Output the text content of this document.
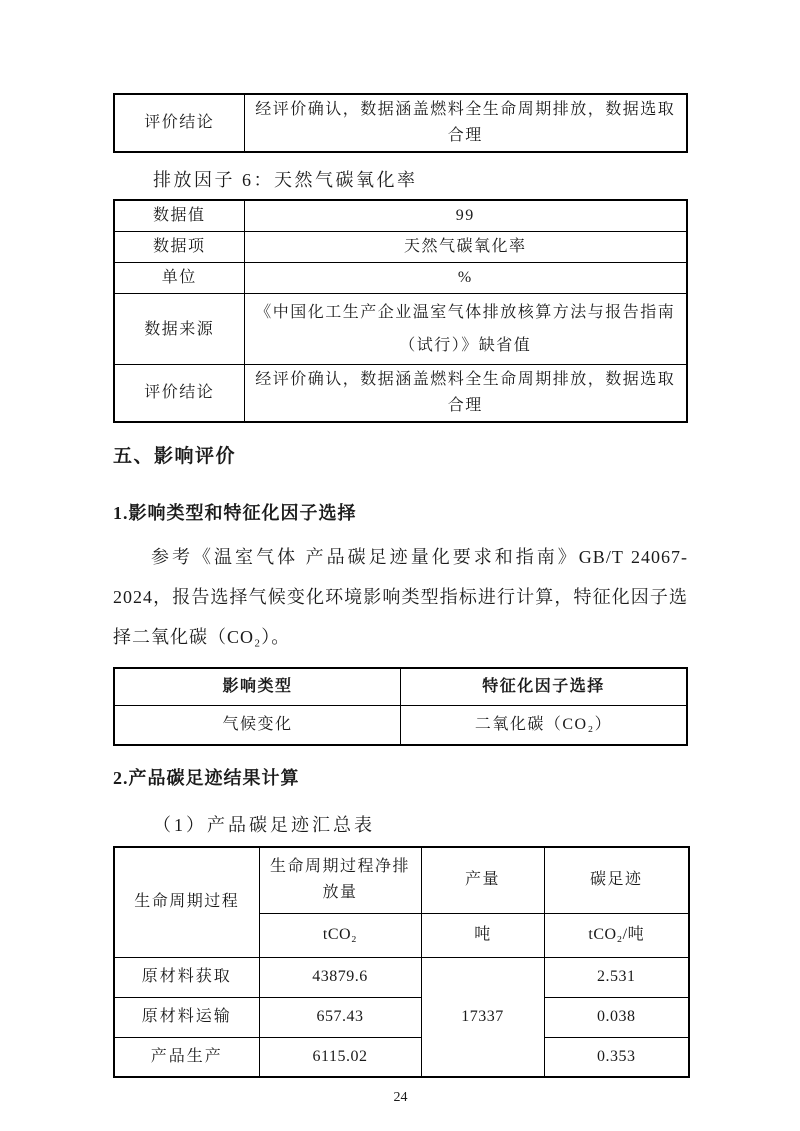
评价结论	经评价确认，数据涵盖燃料全生命周期排放，数据选取合理
排放因子 6：天然气碳氧化率
数据值	99
数据项	天然气碳氧化率
单位	%
数据来源	《中国化工生产企业温室气体排放核算方法与报告指南（试行）》缺省值
评价结论	经评价确认，数据涵盖燃料全生命周期排放，数据选取合理
五、影响评价
1.影响类型和特征化因子选择

参考《温室气体 产品碳足迹量化要求和指南》GB/T 24067-2024，报告选择气候变化环境影响类型指标进行计算，特征化因子选择二氧化碳（CO₂）。

影响类型	特征化因子选择
气候变化	二氧化碳（CO₂）
2.产品碳足迹结果计算
（1）产品碳足迹汇总表
生命周期过程	生命周期过程净排放量	产量	碳足迹
	tCO₂	吨	tCO₂/吨
原材料获取	43879.6	17337	2.531
原材料运输	657.43		0.038
产品生产	6115.02		0.353
24
